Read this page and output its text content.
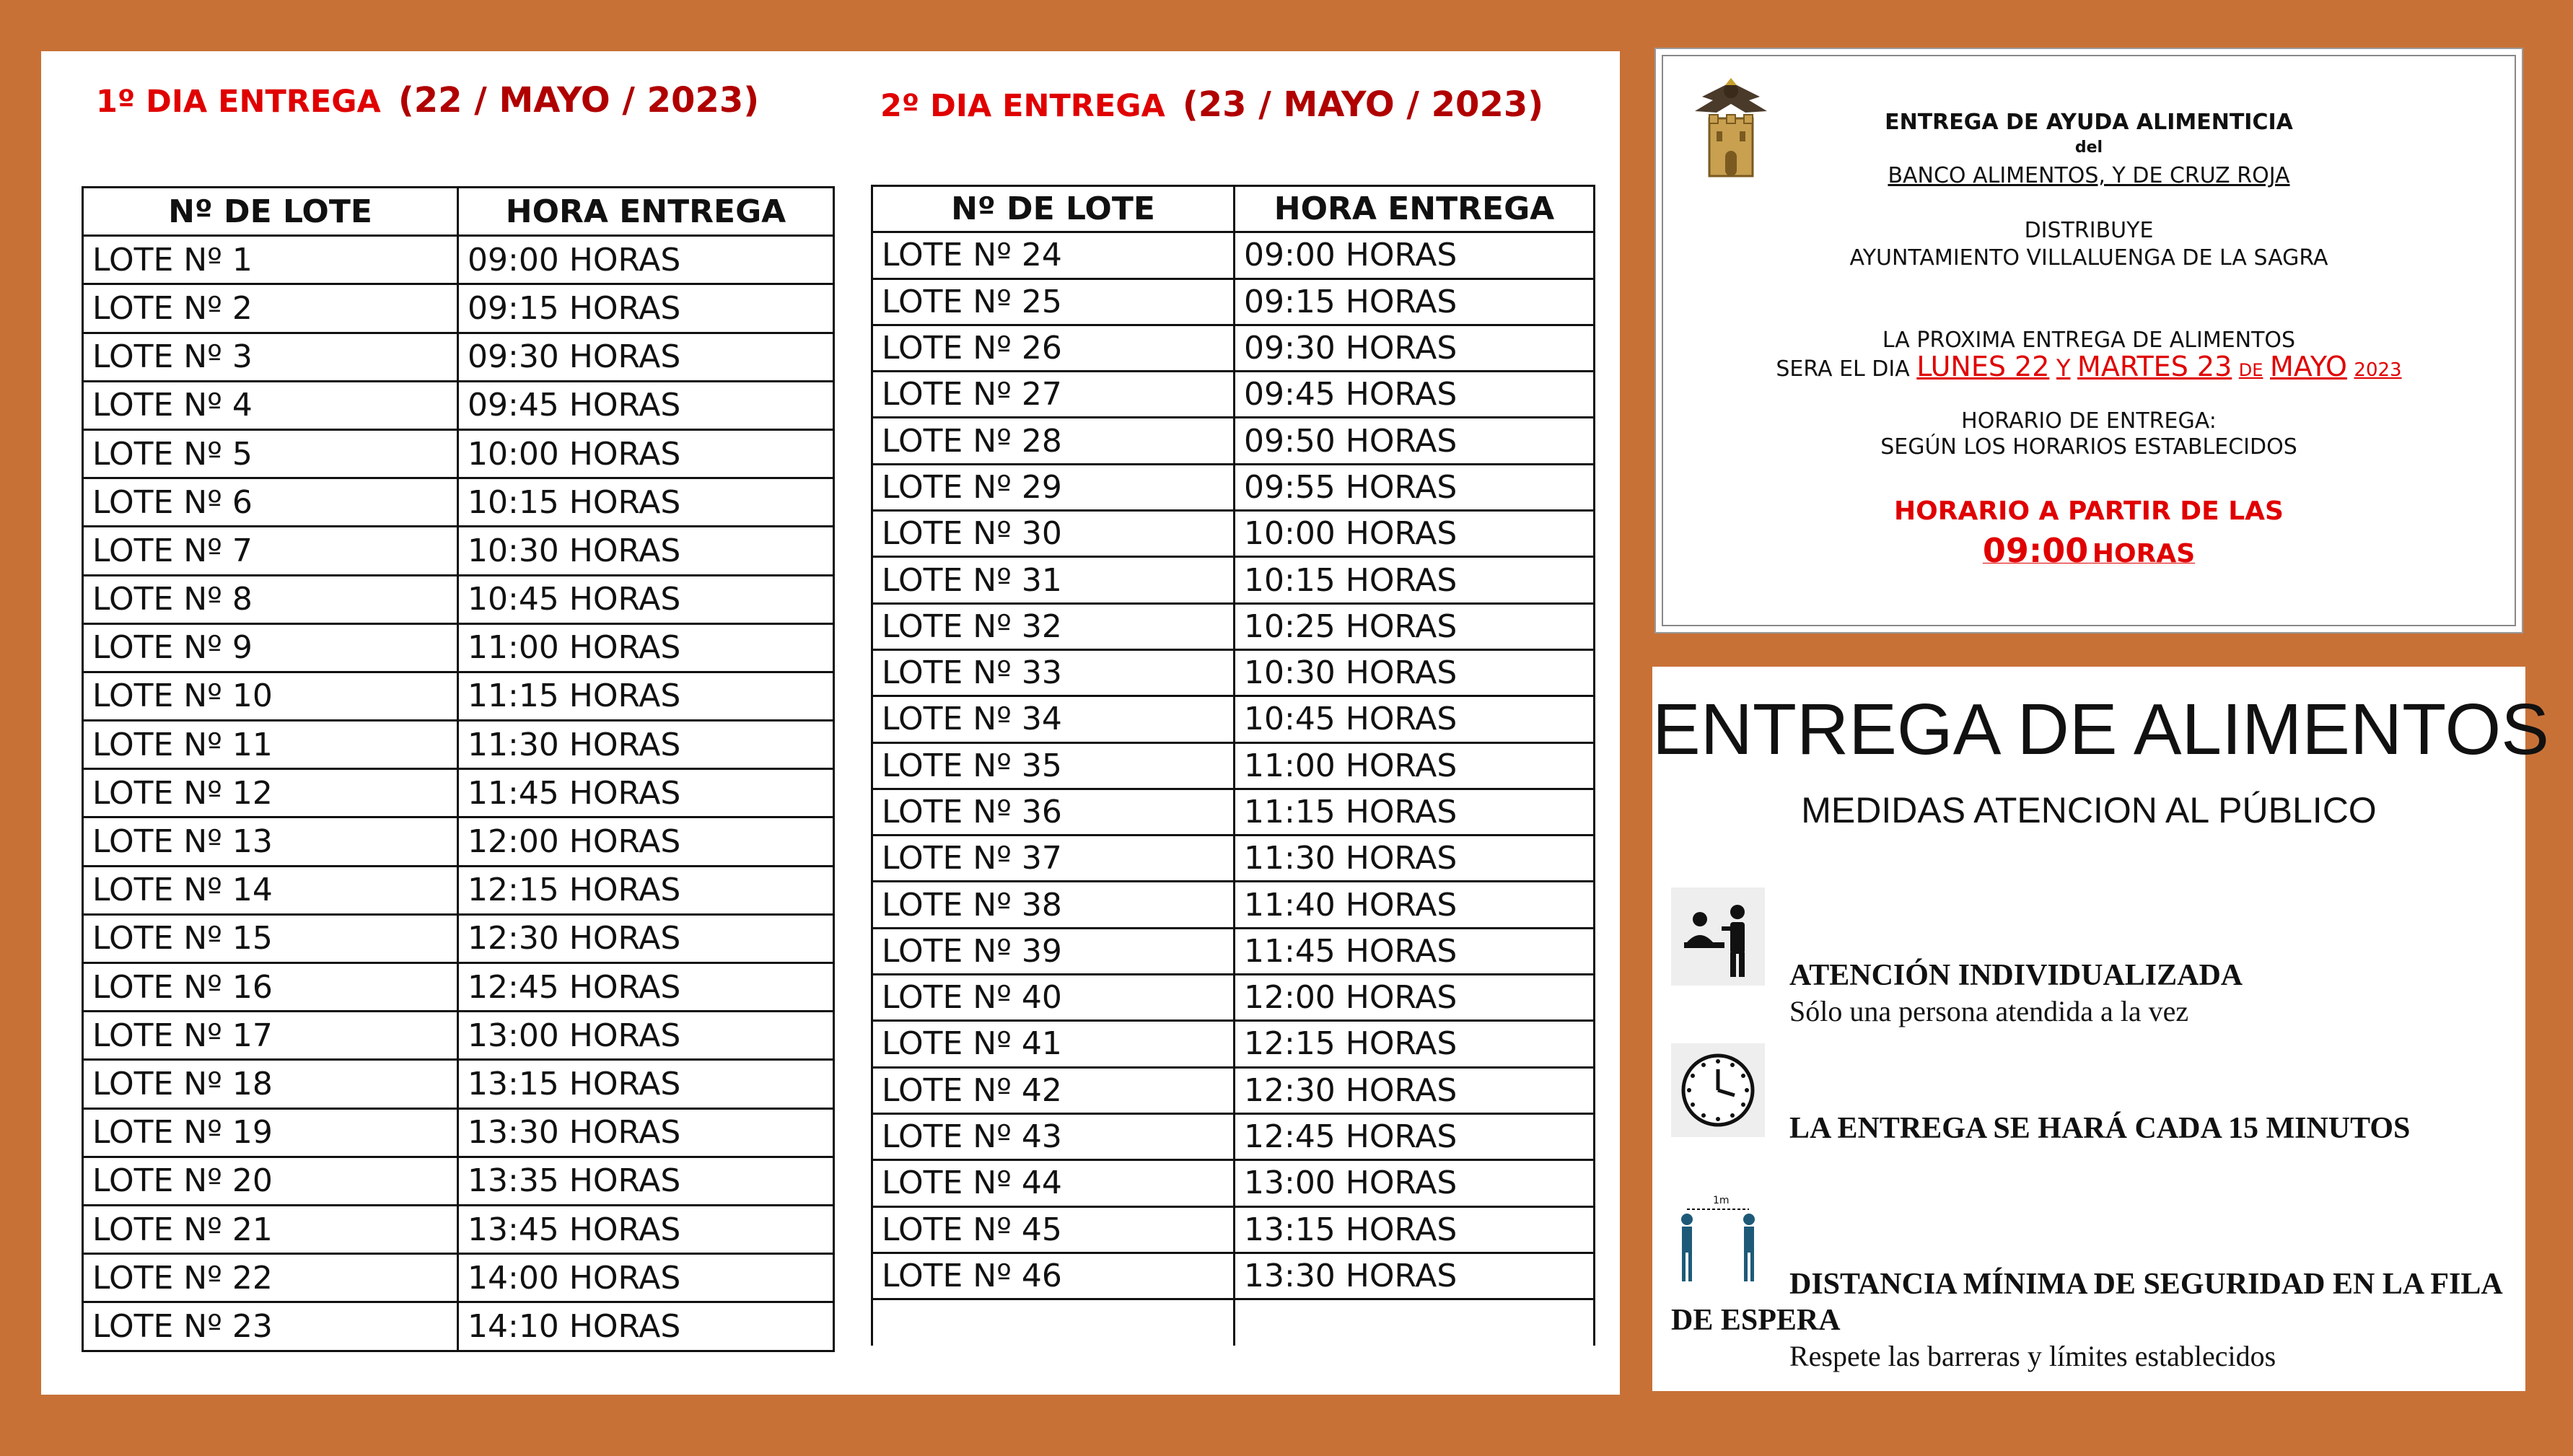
1º DIA ENTREGA (22 / MAYO / 2023)	2º DIA ENTREGA (23 / MAYO / 2023)
Nº DE LOTE	HORA ENTREGA
LOTE Nº 1	09:00 HORAS
LOTE Nº 2	09:15 HORAS
LOTE Nº 3	09:30 HORAS
LOTE Nº 4	09:45 HORAS
LOTE Nº 5	10:00 HORAS
LOTE Nº 6	10:15 HORAS
LOTE Nº 7	10:30 HORAS
LOTE Nº 8	10:45 HORAS
LOTE Nº 9	11:00 HORAS
LOTE Nº 10	11:15 HORAS
LOTE Nº 11	11:30 HORAS
LOTE Nº 12	11:45 HORAS
LOTE Nº 13	12:00 HORAS
LOTE Nº 14	12:15 HORAS
LOTE Nº 15	12:30 HORAS
LOTE Nº 16	12:45 HORAS
LOTE Nº 17	13:00 HORAS
LOTE Nº 18	13:15 HORAS
LOTE Nº 19	13:30 HORAS
LOTE Nº 20	13:35 HORAS
LOTE Nº 21	13:45 HORAS
LOTE Nº 22	14:00 HORAS
LOTE Nº 23	14:10 HORAS
Nº DE LOTE	HORA ENTREGA
LOTE Nº 24	09:00 HORAS
LOTE Nº 25	09:15 HORAS
LOTE Nº 26	09:30 HORAS
LOTE Nº 27	09:45 HORAS
LOTE Nº 28	09:50 HORAS
LOTE Nº 29	09:55 HORAS
LOTE Nº 30	10:00 HORAS
LOTE Nº 31	10:15 HORAS
LOTE Nº 32	10:25 HORAS
LOTE Nº 33	10:30 HORAS
LOTE Nº 34	10:45 HORAS
LOTE Nº 35	11:00 HORAS
LOTE Nº 36	11:15 HORAS
LOTE Nº 37	11:30 HORAS
LOTE Nº 38	11:40 HORAS
LOTE Nº 39	11:45 HORAS
LOTE Nº 40	12:00 HORAS
LOTE Nº 41	12:15 HORAS
LOTE Nº 42	12:30 HORAS
LOTE Nº 43	12:45 HORAS
LOTE Nº 44	13:00 HORAS
LOTE Nº 45	13:15 HORAS
LOTE Nº 46	13:30 HORAS

ENTREGA DE AYUDA ALIMENTICIA
del
BANCO ALIMENTOS, Y DE CRUZ ROJA
DISTRIBUYE
AYUNTAMIENTO VILLALUENGA DE LA SAGRA
LA PROXIMA ENTREGA DE ALIMENTOS
SERA EL DIA LUNES 22 Y MARTES 23 DE MAYO 2023
HORARIO DE ENTREGA:
SEGÚN LOS HORARIOS ESTABLECIDOS
HORARIO A PARTIR DE LAS
09:00 HORAS
ENTREGA DE ALIMENTOS
MEDIDAS ATENCION AL PÚBLICO
ATENCIÓN INDIVIDUALIZADA
Sólo una persona atendida a la vez
LA ENTREGA SE HARÁ CADA 15 MINUTOS
1m
DISTANCIA MÍNIMA DE SEGURIDAD EN LA FILA
DE ESPERA
Respete las barreras y límites establecidos
